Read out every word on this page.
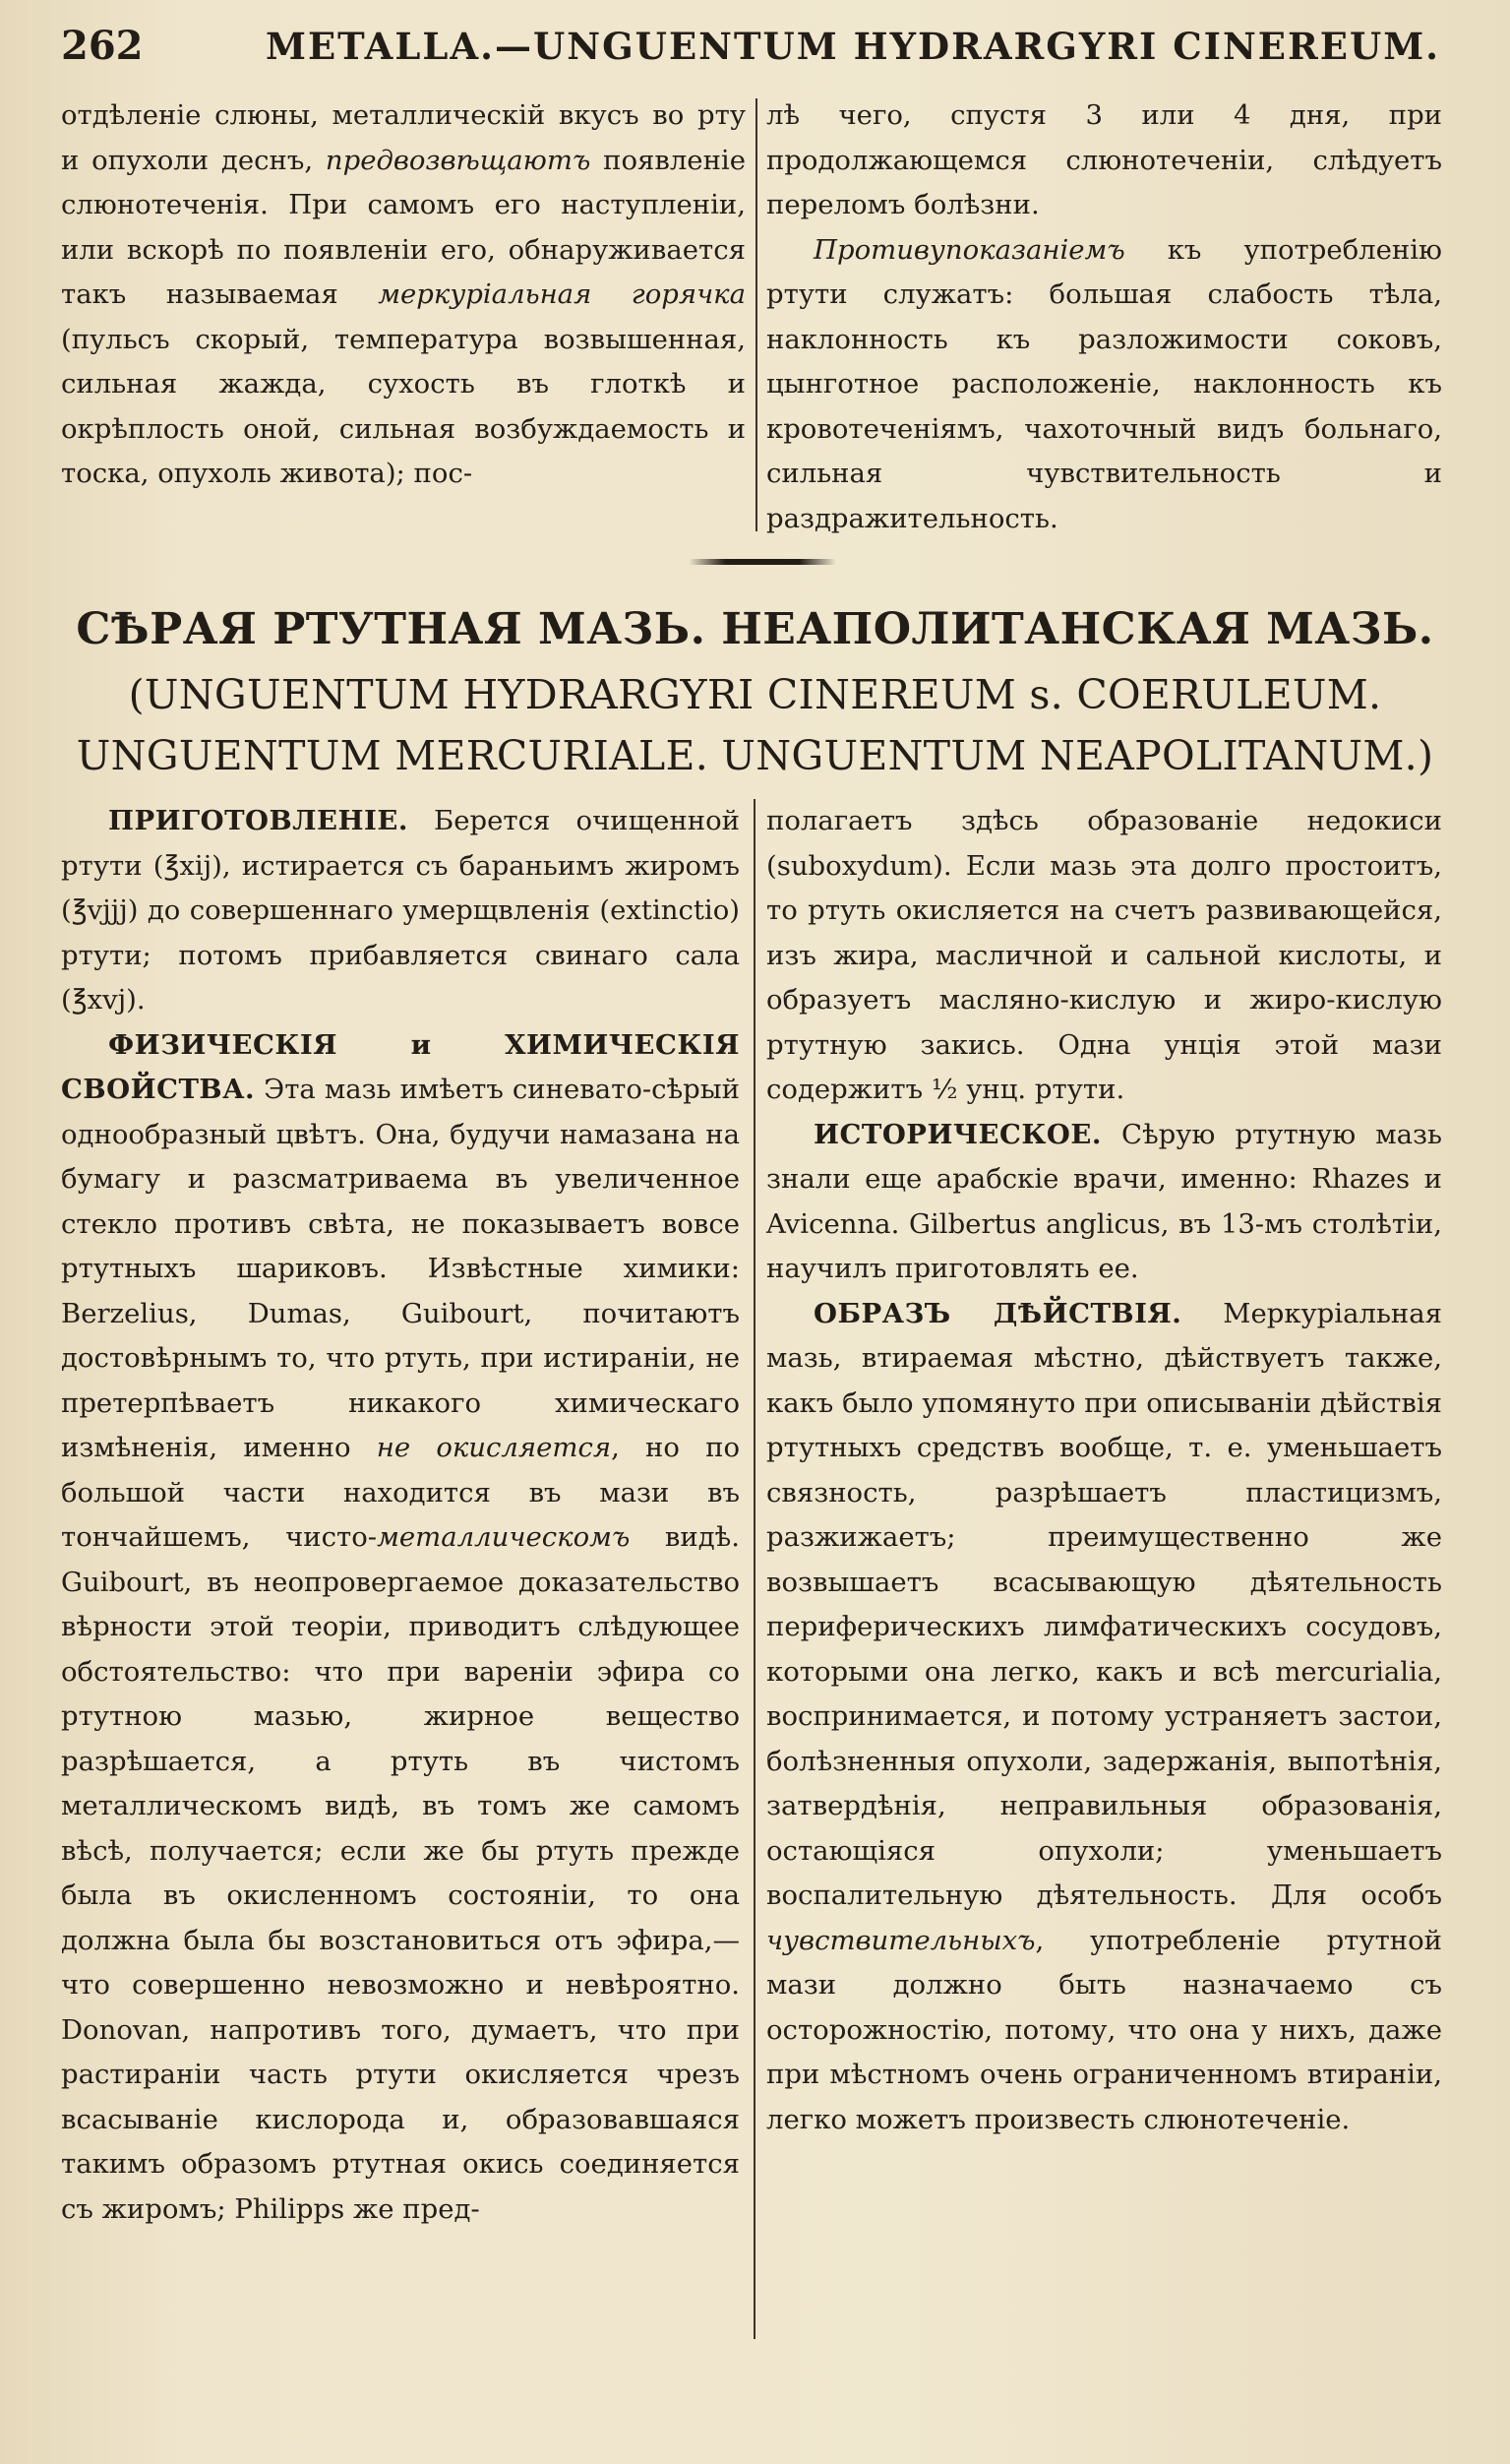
262	METALLA.—UNGUENTUM HYDRARGYRI CINEREUM.

отдѣленіе слюны, металлическій вкусъ во рту и опухоли деснъ, предвозвѣщаютъ появленіе слюнотеченія. При самомъ его наступленіи, или вскорѣ по появленіи его, обнаруживается такъ называемая меркуріальная горячка (пульсъ скорый, температура возвышенная, сильная жажда, сухость въ глоткѣ и окрѣплость оной, сильная возбуждаемость и тоска, опухоль живота); пос-

лѣ чего, спустя 3 или 4 дня, при продолжающемся слюнотеченіи, слѣдуетъ переломъ болѣзни.

Противупоказаніемъ къ употребленію ртути служатъ: большая слабость тѣла, наклонность къ разложимости соковъ, цынготное расположеніе, наклонность къ кровотеченіямъ, чахоточный видъ больнаго, сильная чувствительность и раздражительность.

СѢРАЯ РТУТНАЯ МАЗЬ. НЕАПОЛИТАНСКАЯ МАЗЬ.
(UNGUENTUM HYDRARGYRI CINEREUM s. COERULEUM. UNGUENTUM MERCURIALE. UNGUENTUM NEAPOLITANUM.)

ПРИГОТОВЛЕНІЕ. Берется очищенной ртути (℥xij), истирается съ бараньимъ жиромъ (℥vjjj) до совершеннаго умерщвленія (extinctio) ртути; потомъ прибавляется свинаго сала (℥xvj).

ФИЗИЧЕСКІЯ и ХИМИЧЕСКІЯ СВОЙСТВА. Эта мазь имѣетъ синевато-сѣрый однообразный цвѣтъ. Она, будучи намазана на бумагу и разсматриваема въ увеличенное стекло противъ свѣта, не показываетъ вовсе ртутныхъ шариковъ. Извѣстные химики: Berzelius, Dumas, Guibourt, почитаютъ достовѣрнымъ то, что ртуть, при истираніи, не претерпѣваетъ никакого химическаго измѣненія, именно не окисляется, но по большой части находится въ мази въ тончайшемъ, чисто-металлическомъ видѣ. Guibourt, въ неопровергаемое доказательство вѣрности этой теоріи, приводитъ слѣдующее обстоятельство: что при вареніи эфира со ртутною мазью, жирное вещество разрѣшается, а ртуть въ чистомъ металлическомъ видѣ, въ томъ же самомъ вѣсѣ, получается; если же бы ртуть прежде была въ окисленномъ состояніи, то она должна была бы возстановиться отъ эфира,—что совершенно невозможно и невѣроятно. Donovan, напротивъ того, думаетъ, что при растираніи часть ртути окисляется чрезъ всасываніе кислорода и, образовавшаяся такимъ образомъ ртутная окись соединяется съ жиромъ; Philipps же пред-

полагаетъ здѣсь образованіе недокиси (suboxydum). Если мазь эта долго простоитъ, то ртуть окисляется на счетъ развивающейся, изъ жира, масличной и сальной кислоты, и образуетъ масляно-кислую и жиро-кислую ртутную закись. Одна унція этой мази содержитъ ½ унц. ртути.

ИСТОРИЧЕСКОЕ. Сѣрую ртутную мазь знали еще арабскіе врачи, именно: Rhazes и Avicenna. Gilbertus anglicus, въ 13-мъ столѣтіи, научилъ приготовлять ее.

ОБРАЗЪ ДѢЙСТВІЯ. Меркуріальная мазь, втираемая мѣстно, дѣйствуетъ также, какъ было упомянуто при описываніи дѣйствія ртутныхъ средствъ вообще, т. е. уменьшаетъ связность, разрѣшаетъ пластицизмъ, разжижаетъ; преимущественно же возвышаетъ всасывающую дѣятельность периферическихъ лимфатическихъ сосудовъ, которыми она легко, какъ и всѣ mercurialia, воспринимается, и потому устраняетъ застои, болѣзненныя опухоли, задержанія, выпотѣнія, затвердѣнія, неправильныя образованія, остающіяся опухоли; уменьшаетъ воспалительную дѣятельность. Для особъ чувствительныхъ, употребленіе ртутной мази должно быть назначаемо съ осторожностію, потому, что она у нихъ, даже при мѣстномъ очень ограниченномъ втираніи, легко можетъ произвесть слюнотеченіе.
